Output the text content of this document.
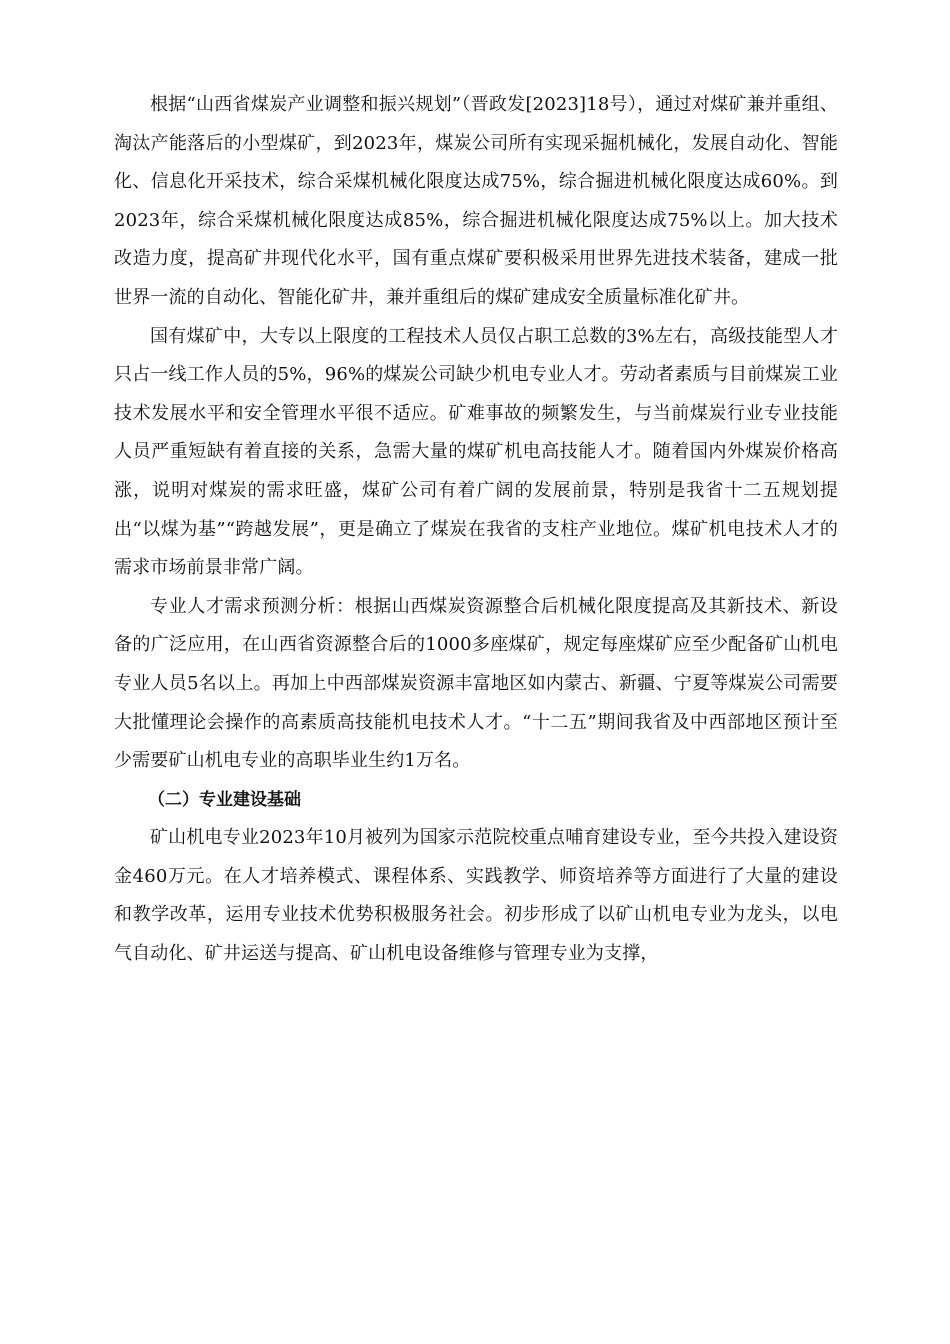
根据“山西省煤炭产业调整和振兴规划”（晋政发[2023]18号），通过对煤矿兼并重组、淘汰产能落后的小型煤矿，到2023年，煤炭公司所有实现采掘机械化，发展自动化、智能化、信息化开采技术，综合采煤机械化限度达成75%，综合掘进机械化限度达成60%。到2023年，综合采煤机械化限度达成85%，综合掘进机械化限度达成75%以上。加大技术改造力度，提高矿井现代化水平，国有重点煤矿要积极采用世界先进技术装备，建成一批世界一流的自动化、智能化矿井，兼并重组后的煤矿建成安全质量标准化矿井。

国有煤矿中，大专以上限度的工程技术人员仅占职工总数的3%左右，高级技能型人才只占一线工作人员的5%，96%的煤炭公司缺少机电专业人才。劳动者素质与目前煤炭工业技术发展水平和安全管理水平很不适应。矿难事故的频繁发生，与当前煤炭行业专业技能人员严重短缺有着直接的关系，急需大量的煤矿机电高技能人才。随着国内外煤炭价格高涨，说明对煤炭的需求旺盛，煤矿公司有着广阔的发展前景，特别是我省十二五规划提出“以煤为基”“跨越发展”，更是确立了煤炭在我省的支柱产业地位。煤矿机电技术人才的需求市场前景非常广阔。

专业人才需求预测分析：根据山西煤炭资源整合后机械化限度提高及其新技术、新设备的广泛应用，在山西省资源整合后的1000多座煤矿，规定每座煤矿应至少配备矿山机电专业人员5名以上。再加上中西部煤炭资源丰富地区如内蒙古、新疆、宁夏等煤炭公司需要大批懂理论会操作的高素质高技能机电技术人才。“十二五”期间我省及中西部地区预计至少需要矿山机电专业的高职毕业生约1万名。

（二）专业建设基础

矿山机电专业2023年10月被列为国家示范院校重点哺育建设专业，至今共投入建设资金460万元。在人才培养模式、课程体系、实践教学、师资培养等方面进行了大量的建设和教学改革，运用专业技术优势积极服务社会。初步形成了以矿山机电专业为龙头，以电气自动化、矿井运送与提高、矿山机电设备维修与管理专业为支撑，
